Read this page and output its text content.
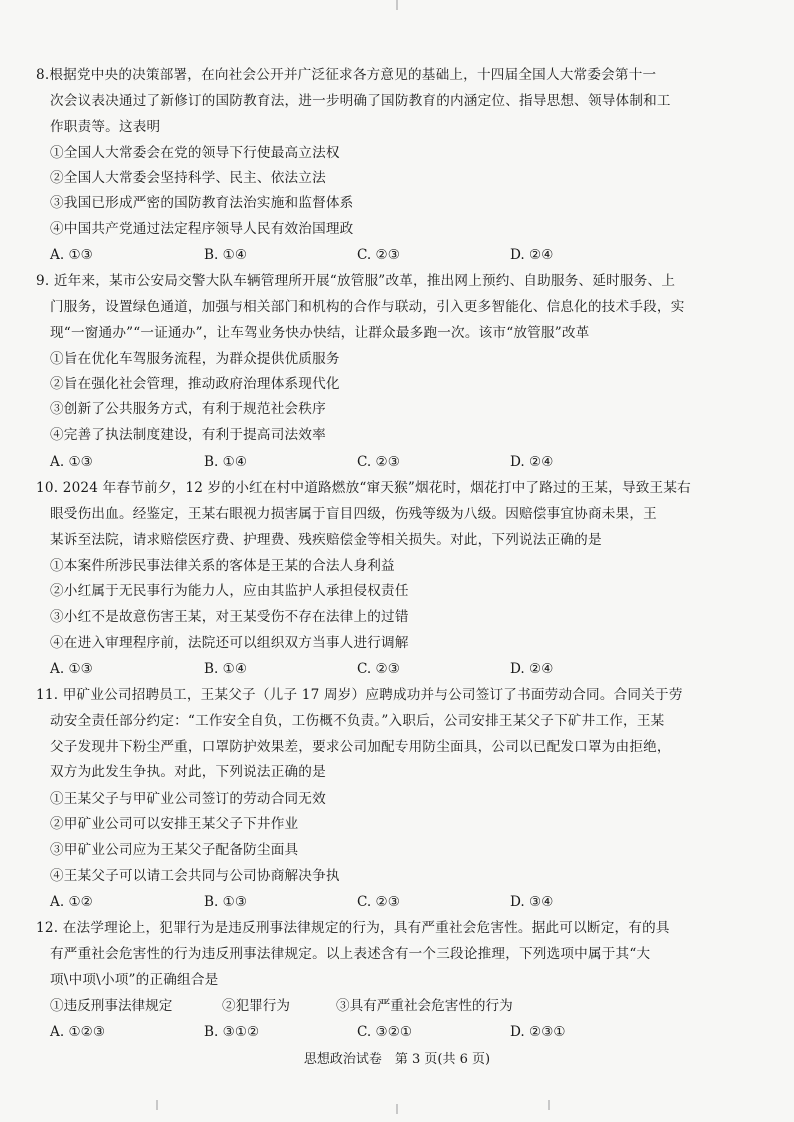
8.根据党中央的决策部署，在向社会公开并广泛征求各方意见的基础上，十四届全国人大常委会第十一
次会议表决通过了新修订的国防教育法，进一步明确了国防教育的内涵定位、指导思想、领导体制和工
作职责等。这表明
①全国人大常委会在党的领导下行使最高立法权
②全国人大常委会坚持科学、民主、依法立法
③我国已形成严密的国防教育法治实施和监督体系
④中国共产党通过法定程序领导人民有效治国理政
A. ①③	B. ①④	C. ②③	D. ②④
9. 近年来，某市公安局交警大队车辆管理所开展“放管服”改革，推出网上预约、自助服务、延时服务、上
门服务，设置绿色通道，加强与相关部门和机构的合作与联动，引入更多智能化、信息化的技术手段，实
现“一窗通办”“一证通办”，让车驾业务快办快结，让群众最多跑一次。该市“放管服”改革
①旨在优化车驾服务流程，为群众提供优质服务
②旨在强化社会管理，推动政府治理体系现代化
③创新了公共服务方式，有利于规范社会秩序
④完善了执法制度建设，有利于提高司法效率
A. ①③	B. ①④	C. ②③	D. ②④
10. 2024 年春节前夕，12 岁的小红在村中道路燃放“窜天猴”烟花时，烟花打中了路过的王某，导致王某右
眼受伤出血。经鉴定，王某右眼视力损害属于盲目四级，伤残等级为八级。因赔偿事宜协商未果，王
某诉至法院，请求赔偿医疗费、护理费、残疾赔偿金等相关损失。对此，下列说法正确的是
①本案件所涉民事法律关系的客体是王某的合法人身利益
②小红属于无民事行为能力人，应由其监护人承担侵权责任
③小红不是故意伤害王某，对王某受伤不存在法律上的过错
④在进入审理程序前，法院还可以组织双方当事人进行调解
A. ①③	B. ①④	C. ②③	D. ②④
11. 甲矿业公司招聘员工，王某父子（儿子 17 周岁）应聘成功并与公司签订了书面劳动合同。合同关于劳
动安全责任部分约定：“工作安全自负，工伤概不负责。”入职后，公司安排王某父子下矿井工作，王某
父子发现井下粉尘严重，口罩防护效果差，要求公司加配专用防尘面具，公司以已配发口罩为由拒绝，
双方为此发生争执。对此，下列说法正确的是
①王某父子与甲矿业公司签订的劳动合同无效
②甲矿业公司可以安排王某父子下井作业
③甲矿业公司应为王某父子配备防尘面具
④王某父子可以请工会共同与公司协商解决争执
A. ①②	B. ①③	C. ②③	D. ③④
12. 在法学理论上，犯罪行为是违反刑事法律规定的行为，具有严重社会危害性。据此可以断定，有的具
有严重社会危害性的行为违反刑事法律规定。以上表述含有一个三段论推理，下列选项中属于其“大
项\中项\小项”的正确组合是
①违反刑事法律规定	②犯罪行为	③具有严重社会危害性的行为
A. ①②③	B. ③①②	C. ③②①	D. ②③①
思想政治试卷　第 3 页(共 6 页)
